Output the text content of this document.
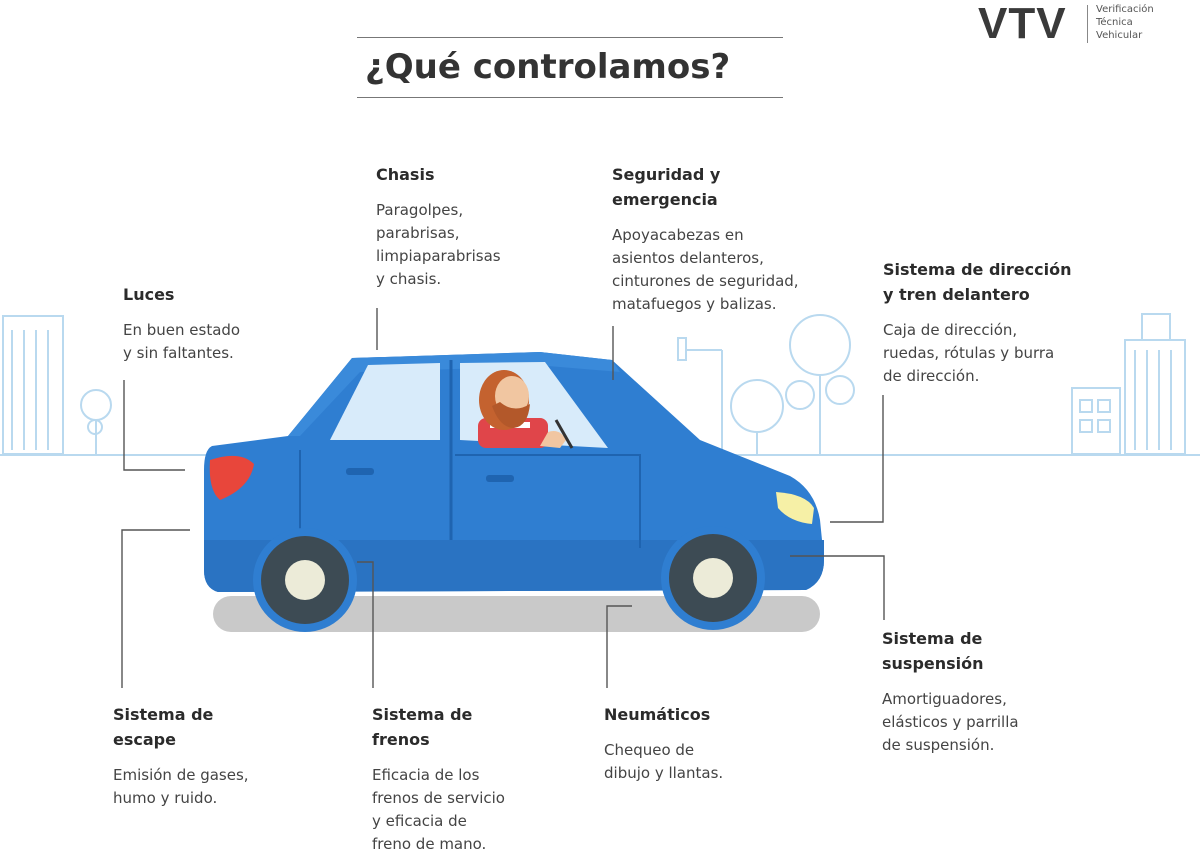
VTV	Verificación
Técnica
Vehicular
¿Qué controlamos?
Luces

En buen estado
y sin faltantes.

Chasis

Paragolpes,
parabrisas,
limpiaparabrisas
y chasis.

Seguridad y
emergencia

Apoyacabezas en
asientos delanteros,
cinturones de seguridad,
matafuegos y balizas.

Sistema de dirección
y tren delantero

Caja de dirección,
ruedas, rótulas y burra
de dirección.

Sistema de
escape

Emisión de gases,
humo y ruido.

Sistema de
frenos

Eficacia de los
frenos de servicio
y eficacia de
freno de mano.

Neumáticos

Chequeo de
dibujo y llantas.

Sistema de
suspensión

Amortiguadores,
elásticos y parrilla
de suspensión.
